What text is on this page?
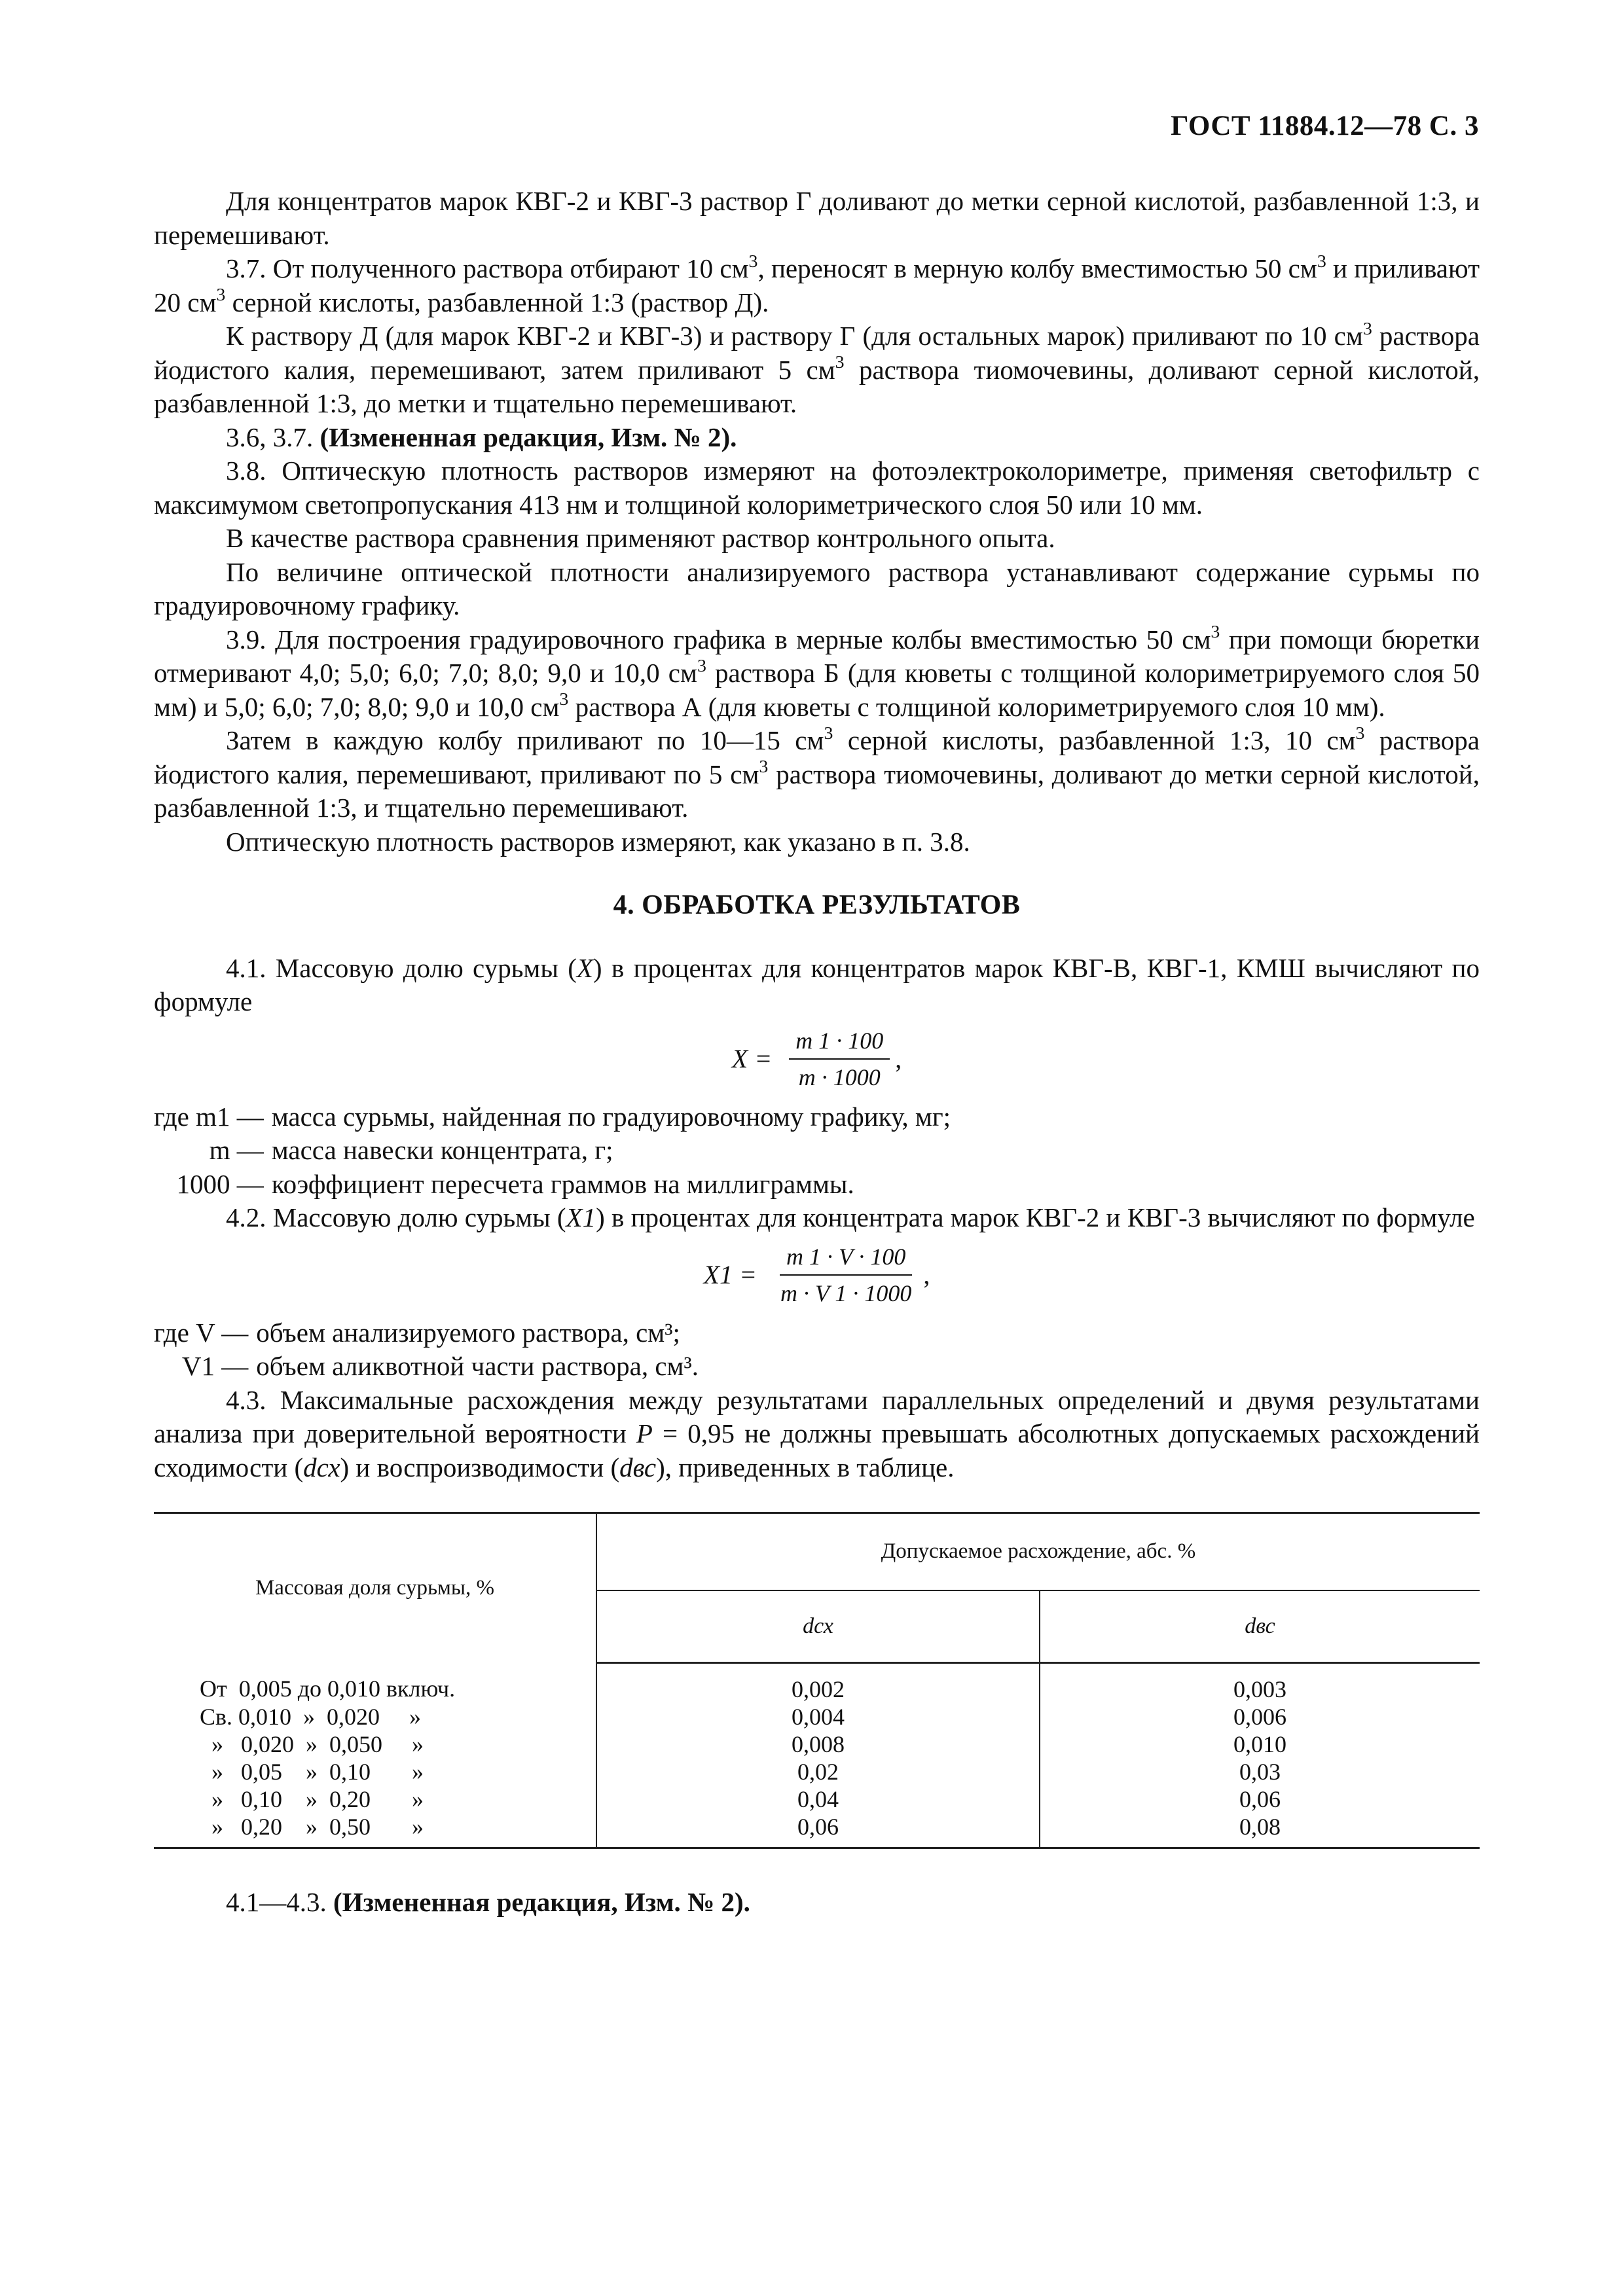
ГОСТ 11884.12—78 С. 3

Для концентратов марок КВГ-2 и КВГ-3 раствор Г доливают до метки серной кислотой, разбавленной 1:3, и перемешивают.

3.7. От полученного раствора отбирают 10 $см^3$, переносят в мерную колбу вместимостью 50 $см^3$ и приливают 20 $см^3$ серной кислоты, разбавленной 1:3 (раствор Д).

К раствору Д (для марок КВГ-2 и КВГ-3) и раствору Г (для остальных марок) приливают по 10 $см^3$ раствора йодистого калия, перемешивают, затем приливают 5 $см^3$ раствора тиомочевины, доливают серной кислотой, разбавленной 1:3, до метки и тщательно перемешивают.

3.6, 3.7. (Измененная редакция, Изм. № 2).

3.8. Оптическую плотность растворов измеряют на фотоэлектроколориметре, применяя светофильтр с максимумом светопропускания 413 нм и толщиной колориметрического слоя 50 или 10 мм.

В качестве раствора сравнения применяют раствор контрольного опыта.

По величине оптической плотности анализируемого раствора устанавливают содержание сурьмы по градуировочному графику.

3.9. Для построения градуировочного графика в мерные колбы вместимостью 50 $см^3$ при помощи бюретки отмеривают 4,0; 5,0; 6,0; 7,0; 8,0; 9,0 и 10,0 $см^3$ раствора Б (для кюветы с толщиной колориметрируемого слоя 50 мм) и 5,0; 6,0; 7,0; 8,0; 9,0 и 10,0 $см^3$ раствора А (для кюветы с толщиной колориметрируемого слоя 10 мм).

Затем в каждую колбу приливают по 10—15 $см^3$ серной кислоты, разбавленной 1:3, 10 $см^3$ раствора йодистого калия, перемешивают, приливают по 5 $см^3$ раствора тиомочевины, доливают до метки серной кислотой, разбавленной 1:3, и тщательно перемешивают.

Оптическую плотность растворов измеряют, как указано в п. 3.8.

4. ОБРАБОТКА РЕЗУЛЬТАТОВ

4.1. Массовую долю сурьмы (X) в процентах для концентратов марок КВГ-В, КВГ-1, КМШ вычисляют по формуле

$X = \frac{m 1 \cdot 100}{m \cdot 1000}$ ,
где m1 — масса сурьмы, найденная по градуировочному графику, мг;
m — масса навески концентрата, г;
1000 — коэффициент пересчета граммов на миллиграммы.

4.2. Массовую долю сурьмы (X1) в процентах для концентрата марок КВГ-2 и КВГ-3 вычисляют по формуле

$X1 = \frac{m 1 \cdot V \cdot 100}{m \cdot V 1 \cdot 1000}$ ,
где V — объем анализируемого раствора, см³;
V1 — объем аликвотной части раствора, см³.

4.3. Максимальные расхождения между результатами параллельных определений и двумя результатами анализа при доверительной вероятности P = 0,95 не должны превышать абсолютных допускаемых расхождений сходимости (dсх) и воспроизводимости (dвс), приведенных в таблице.

Массовая доля сурьмы, %	Допускаемое расхождение, абс. %	
	dсх	dвс
От  0,005 до 0,010 включ.	0,002	0,003
Св. 0,010  »  0,020     »	0,004	0,006
»   0,020  »  0,050     »	0,008	0,010
»   0,05    »  0,10       »	0,02	0,03
»   0,10    »  0,20       »	0,04	0,06
»   0,20    »  0,50       »	0,06	0,08

4.1—4.3. (Измененная редакция, Изм. № 2).
